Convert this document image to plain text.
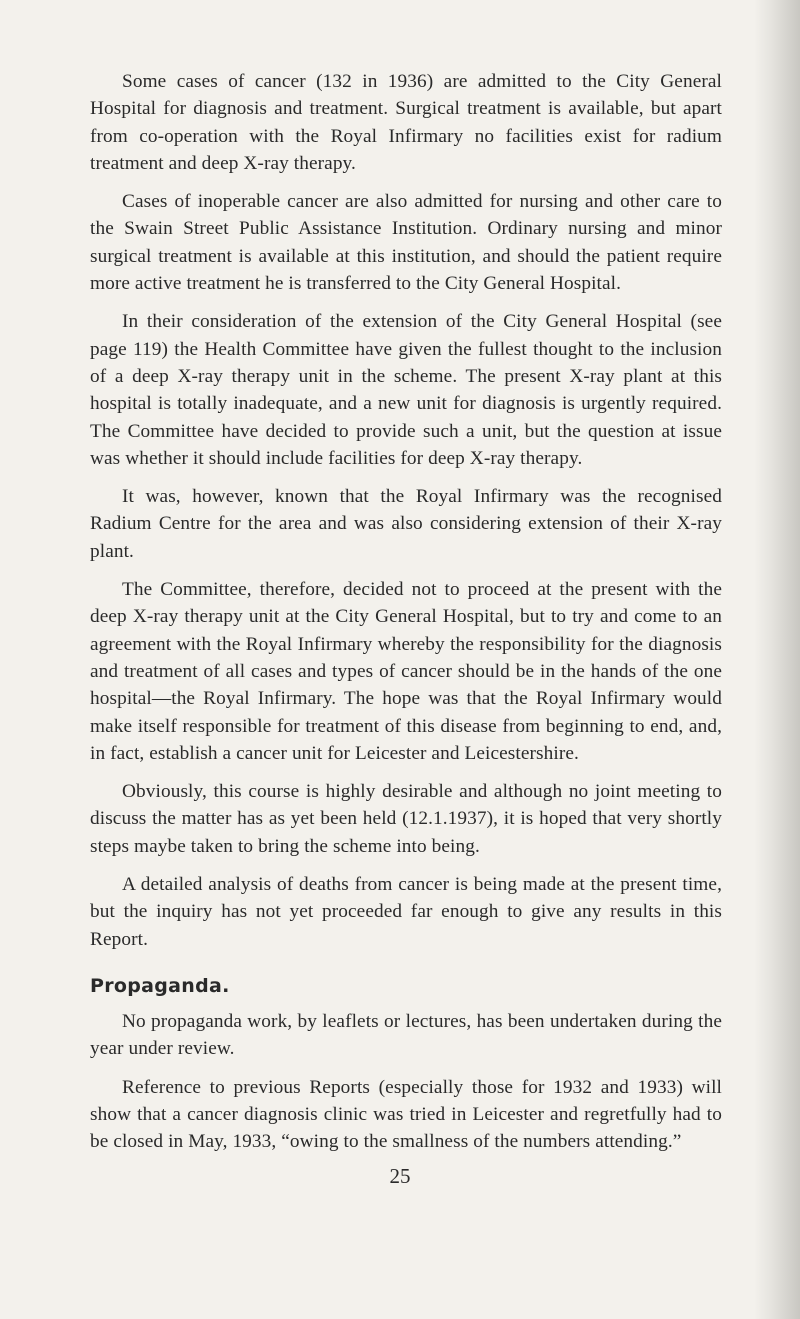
Some cases of cancer (132 in 1936) are admitted to the City General Hospital for diagnosis and treatment. Surgical treatment is available, but apart from co-operation with the Royal Infirmary no facilities exist for radium treatment and deep X-ray therapy.

Cases of inoperable cancer are also admitted for nursing and other care to the Swain Street Public Assistance Institution. Ordinary nursing and minor surgical treatment is available at this institution, and should the patient require more active treatment he is transferred to the City General Hospital.

In their consideration of the extension of the City General Hospital (see page 119) the Health Committee have given the fullest thought to the inclusion of a deep X-ray therapy unit in the scheme. The present X-ray plant at this hospital is totally inadequate, and a new unit for diagnosis is urgently required. The Committee have decided to provide such a unit, but the question at issue was whether it should include facilities for deep X-ray therapy.

It was, however, known that the Royal Infirmary was the recognised Radium Centre for the area and was also considering extension of their X-ray plant.

The Committee, therefore, decided not to proceed at the present with the deep X-ray therapy unit at the City General Hospital, but to try and come to an agreement with the Royal Infirmary whereby the responsibility for the diagnosis and treatment of all cases and types of cancer should be in the hands of the one hospital—the Royal Infirmary. The hope was that the Royal Infirmary would make itself responsible for treatment of this disease from beginning to end, and, in fact, establish a cancer unit for Leicester and Leicestershire.

Obviously, this course is highly desirable and although no joint meeting to discuss the matter has as yet been held (12.1.1937), it is hoped that very shortly steps maybe taken to bring the scheme into being.

A detailed analysis of deaths from cancer is being made at the present time, but the inquiry has not yet proceeded far enough to give any results in this Report.

Propaganda.

No propaganda work, by leaflets or lectures, has been undertaken during the year under review.

Reference to previous Reports (especially those for 1932 and 1933) will show that a cancer diagnosis clinic was tried in Leicester and regretfully had to be closed in May, 1933, “owing to the smallness of the numbers attending.”

25
